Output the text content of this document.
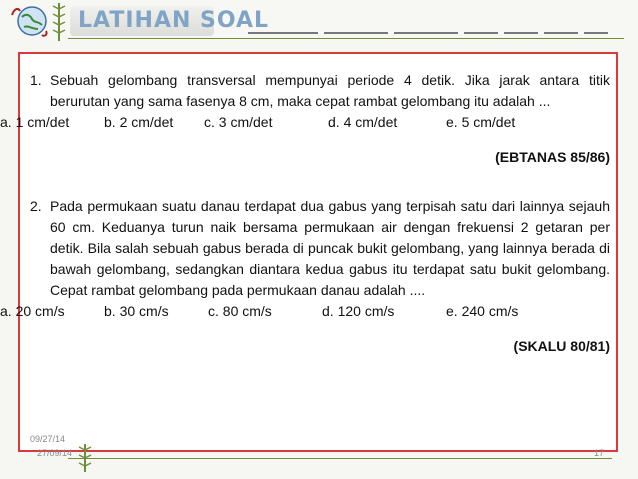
LATIHAN SOAL
1. Sebuah gelombang transversal mempunyai periode 4 detik. Jika jarak antara titik berurutan yang sama fasenya 8 cm, maka cepat rambat gelombang itu adalah ...
a. 1 cm/det	b. 2 cm/det	c. 3 cm/det	d. 4 cm/det	e. 5 cm/det
(EBTANAS 85/86)
2. Pada permukaan suatu danau terdapat dua gabus yang terpisah satu dari lainnya sejauh 60 cm. Keduanya turun naik bersama permukaan air dengan frekuensi 2 getaran per detik. Bila salah sebuah gabus berada di puncak bukit gelombang, yang lainnya berada di bawah gelombang, sedangkan diantara kedua gabus itu terdapat satu bukit gelombang. Cepat rambat gelombang pada permukaan danau adalah ....
a. 20 cm/s	b. 30 cm/s	c. 80 cm/s	d. 120 cm/s	e. 240 cm/s
(SKALU 80/81)
09/27/14
27/09/14	17
